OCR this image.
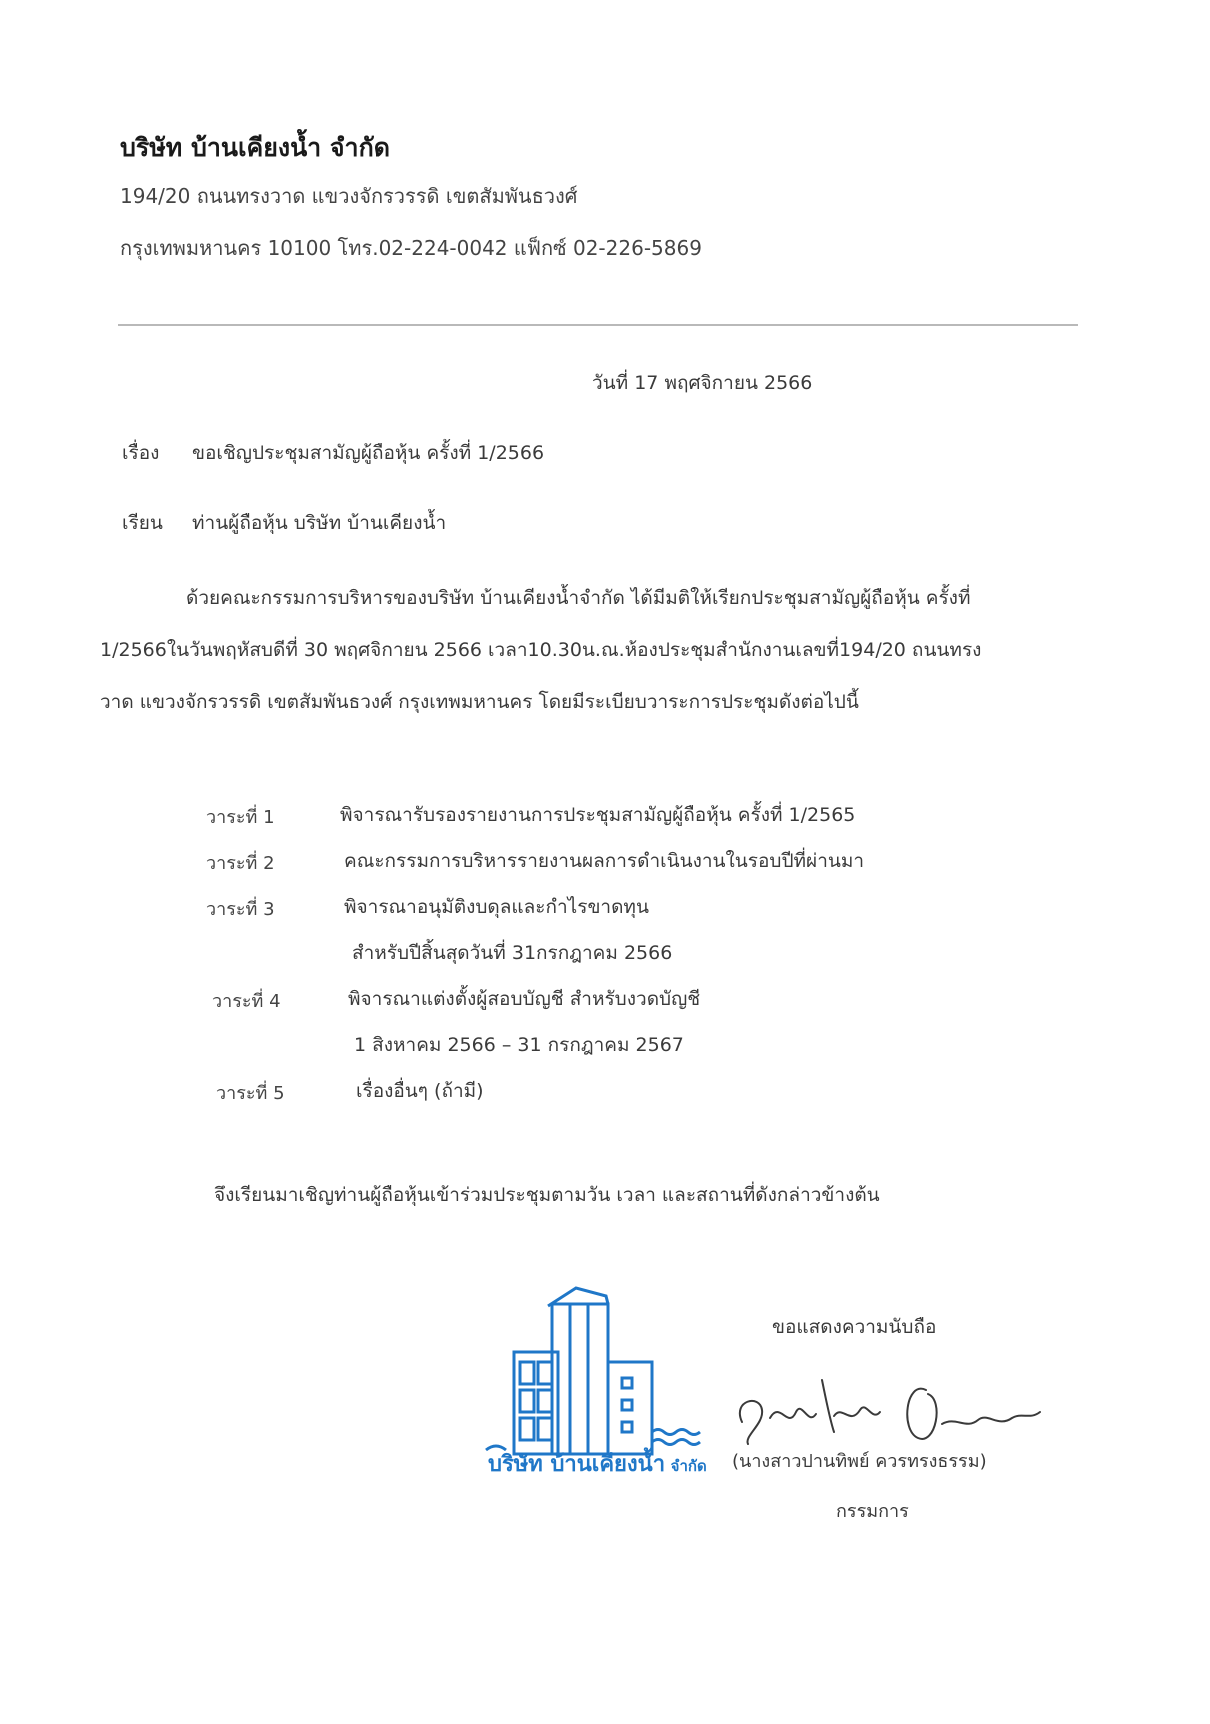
บริษัท บ้านเคียงน้ำ จำกัด
194/20 ถนนทรงวาด แขวงจักรวรรดิ เขตสัมพันธวงศ์
กรุงเทพมหานคร 10100 โทร.02-224-0042 แฟ็กซ์ 02-226-5869
วันที่ 17 พฤศจิกายน 2566
เรื่อง ขอเชิญประชุมสามัญผู้ถือหุ้น ครั้งที่ 1/2566
เรียน ท่านผู้ถือหุ้น บริษัท บ้านเคียงน้ำ
ด้วยคณะกรรมการบริหารของบริษัท บ้านเคียงน้ำจำกัด ได้มีมติให้เรียกประชุมสามัญผู้ถือหุ้น ครั้งที่
1/2566ในวันพฤหัสบดีที่ 30 พฤศจิกายน 2566 เวลา10.30น.ณ.ห้องประชุมสำนักงานเลขที่194/20 ถนนทรง
วาด แขวงจักรวรรดิ เขตสัมพันธวงศ์ กรุงเทพมหานคร โดยมีระเบียบวาระการประชุมดังต่อไปนี้
วาระที่ 1	พิจารณารับรองรายงานการประชุมสามัญผู้ถือหุ้น ครั้งที่ 1/2565
วาระที่ 2	คณะกรรมการบริหารรายงานผลการดำเนินงานในรอบปีที่ผ่านมา
วาระที่ 3	พิจารณาอนุมัติงบดุลและกำไรขาดทุน
สำหรับปีสิ้นสุดวันที่ 31กรกฎาคม 2566
วาระที่ 4	พิจารณาแต่งตั้งผู้สอบบัญชี สำหรับงวดบัญชี
1 สิงหาคม 2566 – 31 กรกฎาคม 2567
วาระที่ 5	เรื่องอื่นๆ (ถ้ามี)
จึงเรียนมาเชิญท่านผู้ถือหุ้นเข้าร่วมประชุมตามวัน เวลา และสถานที่ดังกล่าวข้างต้น
ขอแสดงความนับถือ
บริษัท บ้านเคียงน้ำ จำกัด (นางสาวปานทิพย์ ควรทรงธรรม)
กรรมการ
